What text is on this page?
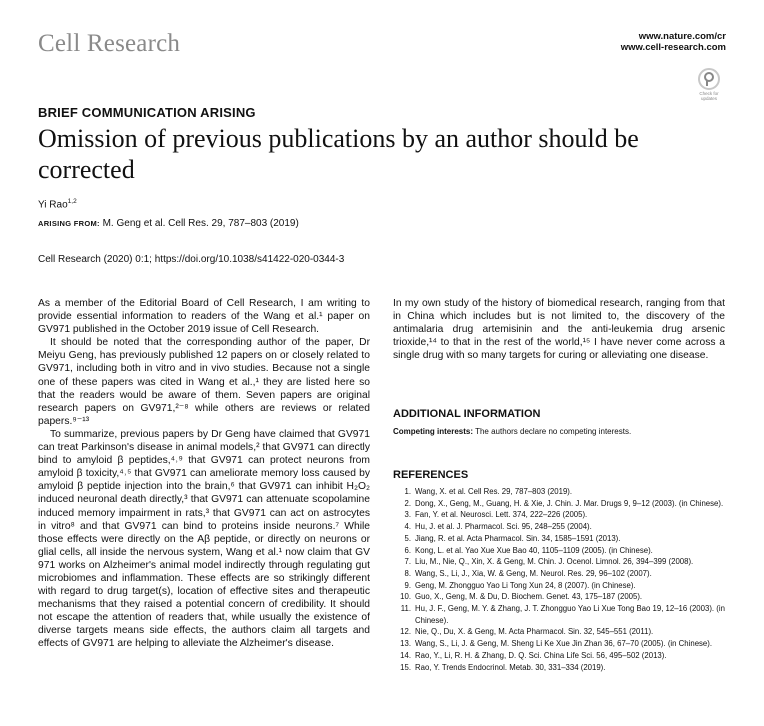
Cell Research	www.nature.com/cr
www.cell-research.com
Check for updates
BRIEF COMMUNICATION ARISING
Omission of previous publications by an author should be corrected
Yi Rao$^{1,2}$
ARISING FROM: M. Geng et al. Cell Res. 29, 787–803 (2019)
Cell Research (2020) 0:1; https://doi.org/10.1038/s41422-020-0344-3

As a member of the Editorial Board of Cell Research, I am writing to provide essential information to readers of the Wang et al.¹ paper on GV971 published in the October 2019 issue of Cell Research.

It should be noted that the corresponding author of the paper, Dr Meiyu Geng, has previously published 12 papers on or closely related to GV971, including both in vitro and in vivo studies. Because not a single one of these papers was cited in Wang et al.,¹ they are listed here so that the readers would be aware of them. Seven papers are original research papers on GV971,²⁻⁸ while others are reviews or related papers.⁹⁻¹³

To summarize, previous papers by Dr Geng have claimed that GV971 can treat Parkinson's disease in animal models,² that GV971 can directly bind to amyloid β peptides,⁴˒⁹ that GV971 can protect neurons from amyloid β toxicity,⁴˒⁵ that GV971 can ameliorate memory loss caused by amyloid β peptide injection into the brain,⁶ that GV971 can inhibit H₂O₂ induced neuronal death directly,³ that GV971 can attenuate scopolamine induced memory impairment in rats,³ that GV971 can act on astrocytes in vitro⁸ and that GV971 can bind to proteins inside neurons.⁷ While those effects were directly on the Aβ peptide, or directly on neurons or glial cells, all inside the nervous system, Wang et al.¹ now claim that GV 971 works on Alzheimer's animal model indirectly through regulating gut microbiomes and inflammation. These effects are so strikingly different with regard to drug target(s), location of effective sites and therapeutic mechanisms that they raised a potential concern of credibility. It should not escape the attention of readers that, while usually the existence of diverse targets means side effects, the authors claim all targets and effects of GV971 are helping to alleviate the Alzheimer's disease.

In my own study of the history of biomedical research, ranging from that in China which includes but is not limited to, the discovery of the antimalaria drug artemisinin and the anti-leukemia drug arsenic trioxide,¹⁴ to that in the rest of the world,¹⁵ I have never come across a single drug with so many targets for curing or alleviating one disease.

ADDITIONAL INFORMATION
Competing interests: The authors declare no competing interests.
REFERENCES
1. Wang, X. et al. Cell Res. 29, 787–803 (2019).
2. Dong, X., Geng, M., Guang, H. & Xie, J. Chin. J. Mar. Drugs 9, 9–12 (2003). (in Chinese).
3. Fan, Y. et al. Neurosci. Lett. 374, 222–226 (2005).
4. Hu, J. et al. J. Pharmacol. Sci. 95, 248–255 (2004).
5. Jiang, R. et al. Acta Pharmacol. Sin. 34, 1585–1591 (2013).
6. Kong, L. et al. Yao Xue Xue Bao 40, 1105–1109 (2005). (in Chinese).
7. Liu, M., Nie, Q., Xin, X. & Geng, M. Chin. J. Ocenol. Limnol. 26, 394–399 (2008).
8. Wang, S., Li, J., Xia, W. & Geng, M. Neurol. Res. 29, 96–102 (2007).
9. Geng, M. Zhongguo Yao Li Tong Xun 24, 8 (2007). (in Chinese).
10. Guo, X., Geng, M. & Du, D. Biochem. Genet. 43, 175–187 (2005).
11. Hu, J. F., Geng, M. Y. & Zhang, J. T. Zhongguo Yao Li Xue Tong Bao 19, 12–16 (2003). (in Chinese).
12. Nie, Q., Du, X. & Geng, M. Acta Pharmacol. Sin. 32, 545–551 (2011).
13. Wang, S., Li, J. & Geng, M. Sheng Li Ke Xue Jin Zhan 36, 67–70 (2005). (in Chinese).
14. Rao, Y., Li, R. H. & Zhang, D. Q. Sci. China Life Sci. 56, 495–502 (2013).
15. Rao, Y. Trends Endocrinol. Metab. 30, 331–334 (2019).
